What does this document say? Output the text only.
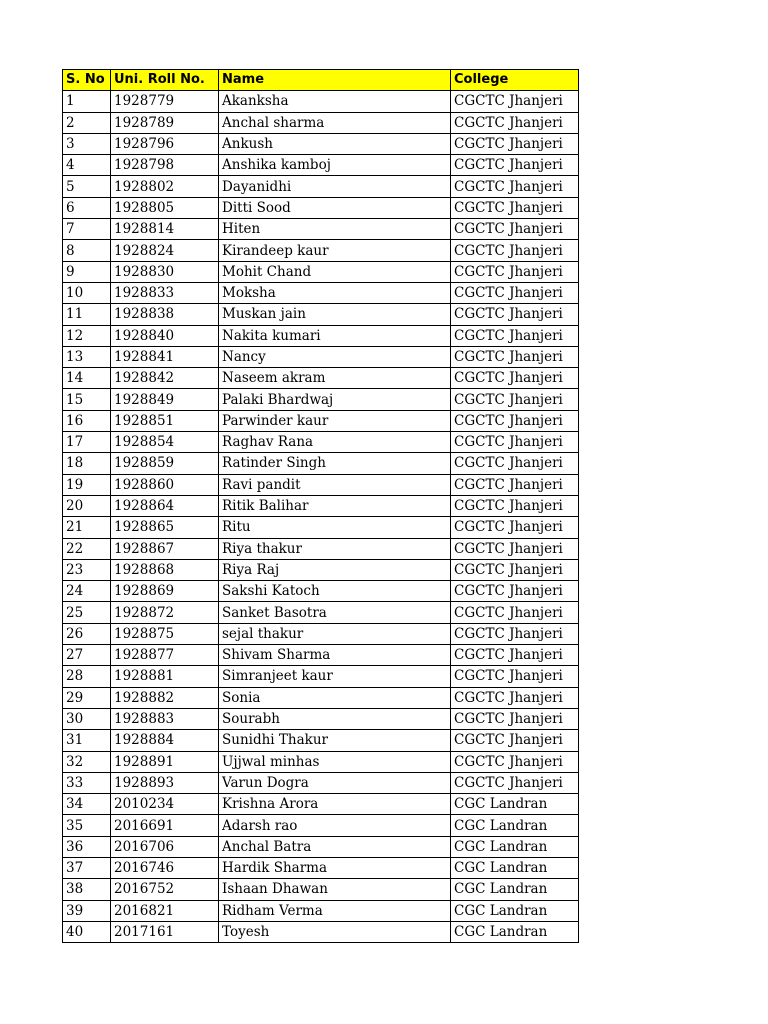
S. No	Uni. Roll No.	Name	College
1	1928779	Akanksha	CGCTC Jhanjeri
2	1928789	Anchal sharma	CGCTC Jhanjeri
3	1928796	Ankush	CGCTC Jhanjeri
4	1928798	Anshika kamboj	CGCTC Jhanjeri
5	1928802	Dayanidhi	CGCTC Jhanjeri
6	1928805	Ditti Sood	CGCTC Jhanjeri
7	1928814	Hiten	CGCTC Jhanjeri
8	1928824	Kirandeep kaur	CGCTC Jhanjeri
9	1928830	Mohit Chand	CGCTC Jhanjeri
10	1928833	Moksha	CGCTC Jhanjeri
11	1928838	Muskan jain	CGCTC Jhanjeri
12	1928840	Nakita kumari	CGCTC Jhanjeri
13	1928841	Nancy	CGCTC Jhanjeri
14	1928842	Naseem akram	CGCTC Jhanjeri
15	1928849	Palaki Bhardwaj	CGCTC Jhanjeri
16	1928851	Parwinder kaur	CGCTC Jhanjeri
17	1928854	Raghav Rana	CGCTC Jhanjeri
18	1928859	Ratinder Singh	CGCTC Jhanjeri
19	1928860	Ravi pandit	CGCTC Jhanjeri
20	1928864	Ritik Balihar	CGCTC Jhanjeri
21	1928865	Ritu	CGCTC Jhanjeri
22	1928867	Riya thakur	CGCTC Jhanjeri
23	1928868	Riya Raj	CGCTC Jhanjeri
24	1928869	Sakshi Katoch	CGCTC Jhanjeri
25	1928872	Sanket Basotra	CGCTC Jhanjeri
26	1928875	sejal thakur	CGCTC Jhanjeri
27	1928877	Shivam Sharma	CGCTC Jhanjeri
28	1928881	Simranjeet kaur	CGCTC Jhanjeri
29	1928882	Sonia	CGCTC Jhanjeri
30	1928883	Sourabh	CGCTC Jhanjeri
31	1928884	Sunidhi Thakur	CGCTC Jhanjeri
32	1928891	Ujjwal minhas	CGCTC Jhanjeri
33	1928893	Varun Dogra	CGCTC Jhanjeri
34	2010234	Krishna Arora	CGC Landran
35	2016691	Adarsh rao	CGC Landran
36	2016706	Anchal Batra	CGC Landran
37	2016746	Hardik Sharma	CGC Landran
38	2016752	Ishaan Dhawan	CGC Landran
39	2016821	Ridham Verma	CGC Landran
40	2017161	Toyesh	CGC Landran
